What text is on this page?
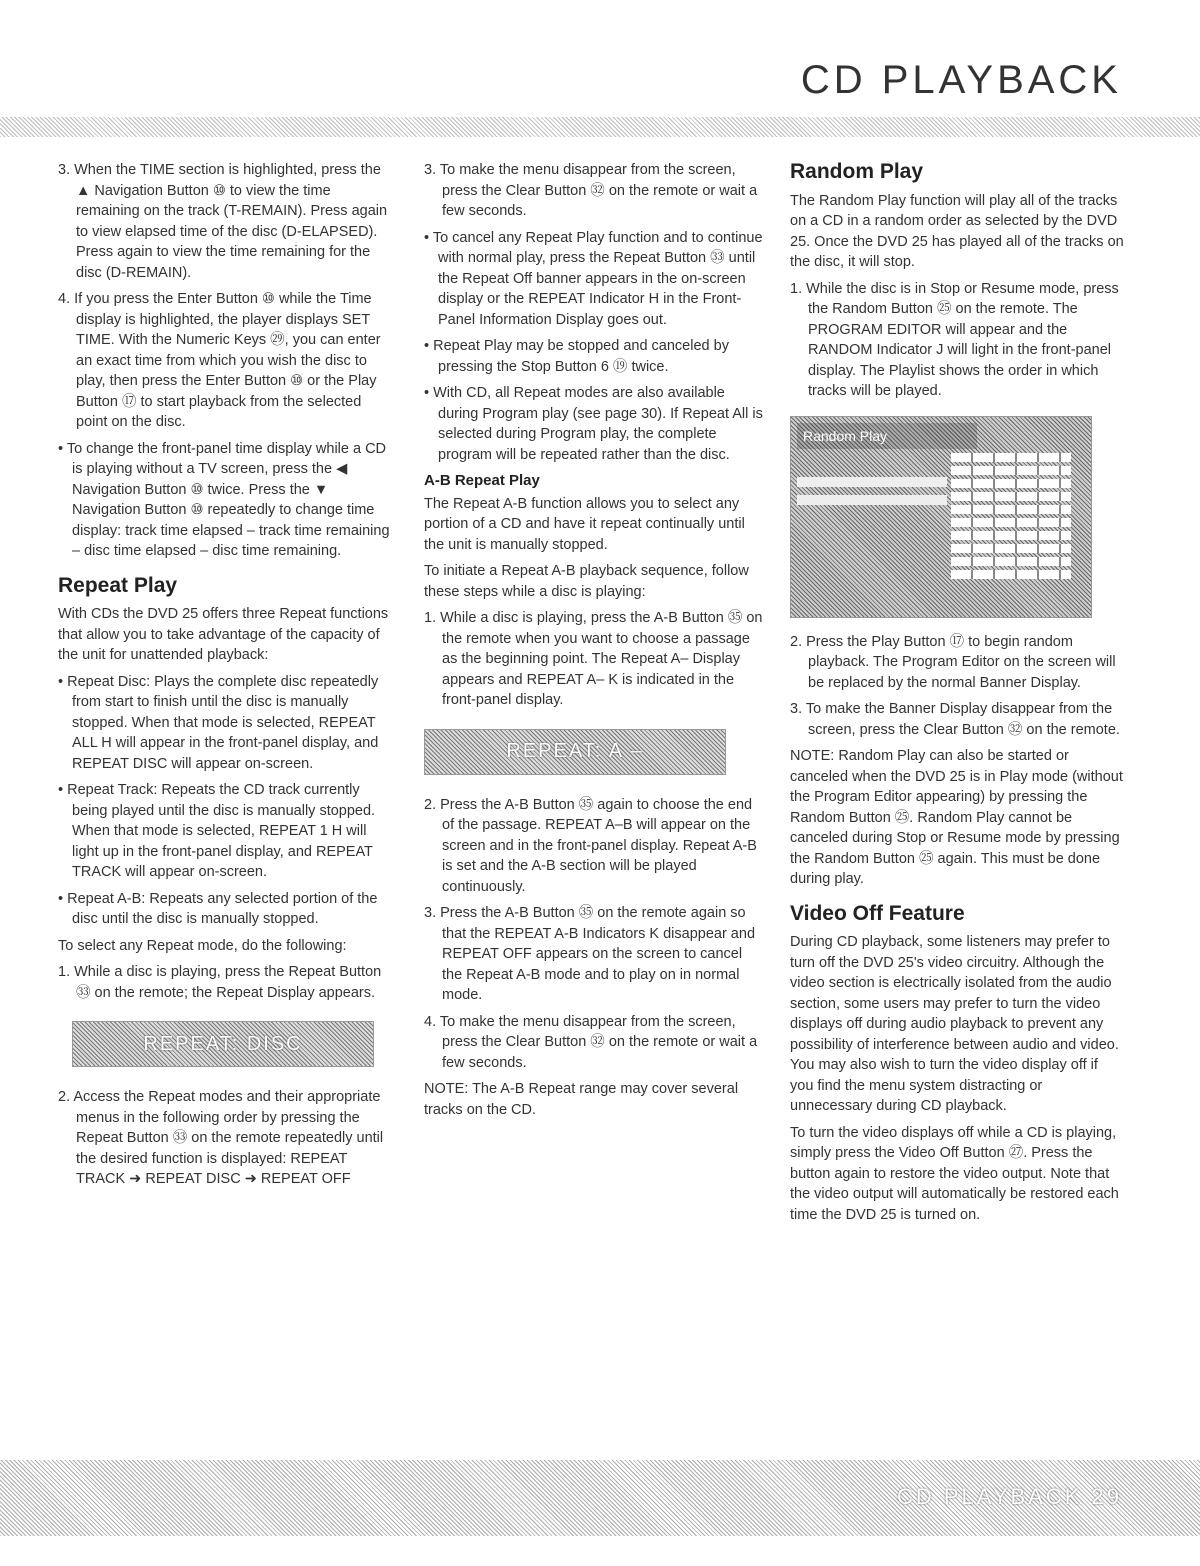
CD PLAYBACK

3. When the TIME section is highlighted, press the ▲ Navigation Button ⑩ to view the time remaining on the track (T-REMAIN). Press again to view elapsed time of the disc (D-ELAPSED). Press again to view the time remaining for the disc (D-REMAIN).

4. If you press the Enter Button ⑩ while the Time display is highlighted, the player displays SET TIME. With the Numeric Keys ㉙, you can enter an exact time from which you wish the disc to play, then press the Enter Button ⑩ or the Play Button ⑰ to start playback from the selected point on the disc.

• To change the front-panel time display while a CD is playing without a TV screen, press the ◀ Navigation Button ⑩ twice. Press the ▼ Navigation Button ⑩ repeatedly to change time display: track time elapsed – track time remaining – disc time elapsed – disc time remaining.

Repeat Play

With CDs the DVD 25 offers three Repeat functions that allow you to take advantage of the capacity of the unit for unattended playback:

• Repeat Disc: Plays the complete disc repeatedly from start to finish until the disc is manually stopped. When that mode is selected, REPEAT ALL H will appear in the front-panel display, and REPEAT DISC will appear on-screen.

• Repeat Track: Repeats the CD track currently being played until the disc is manually stopped. When that mode is selected, REPEAT 1 H will light up in the front-panel display, and REPEAT TRACK will appear on-screen.

• Repeat A-B: Repeats any selected portion of the disc until the disc is manually stopped.

To select any Repeat mode, do the following:

1. While a disc is playing, press the Repeat Button ㉝ on the remote; the Repeat Display appears.

REPEAT: DISC

2. Access the Repeat modes and their appropriate menus in the following order by pressing the Repeat Button ㉝ on the remote repeatedly until the desired function is displayed: REPEAT TRACK ➜ REPEAT DISC ➜ REPEAT OFF

3. To make the menu disappear from the screen, press the Clear Button ㉜ on the remote or wait a few seconds.

• To cancel any Repeat Play function and to continue with normal play, press the Repeat Button ㉝ until the Repeat Off banner appears in the on-screen display or the REPEAT Indicator H in the Front-Panel Information Display goes out.

• Repeat Play may be stopped and canceled by pressing the Stop Button 6 ⑲ twice.

• With CD, all Repeat modes are also available during Program play (see page 30). If Repeat All is selected during Program play, the complete program will be repeated rather than the disc.

A-B Repeat Play

The Repeat A-B function allows you to select any portion of a CD and have it repeat continually until the unit is manually stopped.

To initiate a Repeat A-B playback sequence, follow these steps while a disc is playing:

1. While a disc is playing, press the A-B Button ㉟ on the remote when you want to choose a passage as the beginning point. The Repeat A– Display appears and REPEAT A– K is indicated in the front-panel display.

REPEAT: A –

2. Press the A-B Button ㉟ again to choose the end of the passage. REPEAT A–B will appear on the screen and in the front-panel display. Repeat A-B is set and the A-B section will be played continuously.

3. Press the A-B Button ㉟ on the remote again so that the REPEAT A-B Indicators K disappear and REPEAT OFF appears on the screen to cancel the Repeat A-B mode and to play on in normal mode.

4. To make the menu disappear from the screen, press the Clear Button ㉜ on the remote or wait a few seconds.

NOTE: The A-B Repeat range may cover several tracks on the CD.

Random Play

The Random Play function will play all of the tracks on a CD in a random order as selected by the DVD 25. Once the DVD 25 has played all of the tracks on the disc, it will stop.

1. While the disc is in Stop or Resume mode, press the Random Button ㉕ on the remote. The PROGRAM EDITOR will appear and the RANDOM Indicator J will light in the front-panel display. The Playlist shows the order in which tracks will be played.

Random Play

2. Press the Play Button ⑰ to begin random playback. The Program Editor on the screen will be replaced by the normal Banner Display.

3. To make the Banner Display disappear from the screen, press the Clear Button ㉜ on the remote.

NOTE: Random Play can also be started or canceled when the DVD 25 is in Play mode (without the Program Editor appearing) by pressing the Random Button ㉕. Random Play cannot be canceled during Stop or Resume mode by pressing the Random Button ㉕ again. This must be done during play.

Video Off Feature

During CD playback, some listeners may prefer to turn off the DVD 25's video circuitry. Although the video section is electrically isolated from the audio section, some users may prefer to turn the video displays off during audio playback to prevent any possibility of interference between audio and video. You may also wish to turn the video display off if you find the menu system distracting or unnecessary during CD playback.

To turn the video displays off while a CD is playing, simply press the Video Off Button ㉗. Press the button again to restore the video output. Note that the video output will automatically be restored each time the DVD 25 is turned on.

CD PLAYBACK 29
